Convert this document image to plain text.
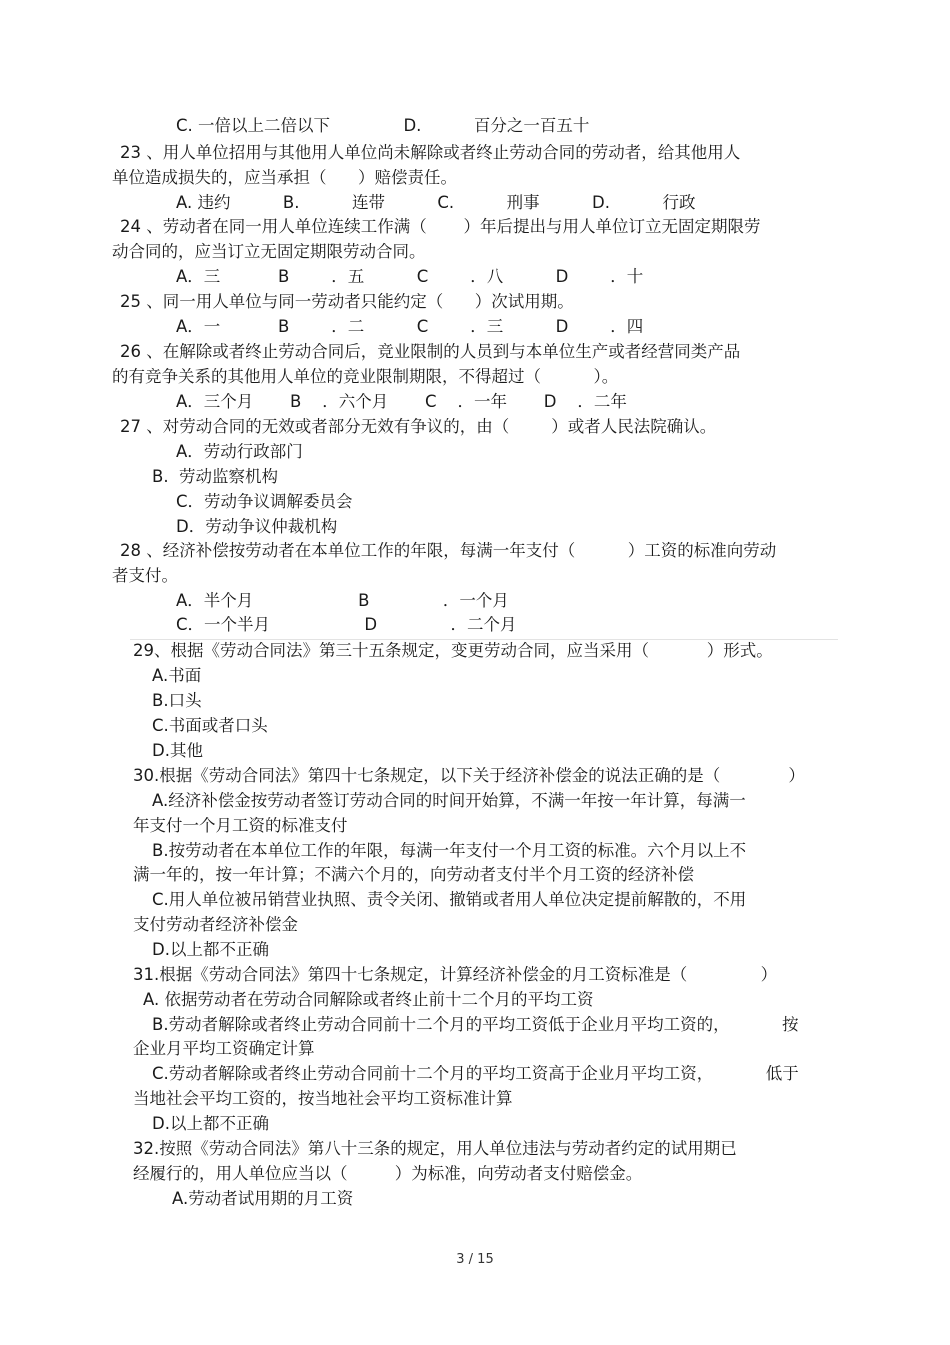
C. 一倍以上二倍以下              D.          百分之一百五十
23 、用人单位招用与其他用人单位尚未解除或者终止劳动合同的劳动者，给其他用人
单位造成损失的，应当承担（      ）赔偿责任。
A. 违约          B.          连带          C.          刑事          D.          行政
24 、劳动者在同一用人单位连续工作满（       ）年后提出与用人单位订立无固定期限劳
动合同的，应当订立无固定期限劳动合同。
A．三           B        ．五          C        ．八          D        ．十
25 、同一用人单位与同一劳动者只能约定（      ）次试用期。
A．一           B        ．二          C        ．三          D        ．四
26 、在解除或者终止劳动合同后，竞业限制的人员到与本单位生产或者经营同类产品
的有竞争关系的其他用人单位的竞业限制期限，不得超过（          ）。
A．三个月       B    ．六个月       C    ．一年       D    ．二年
27 、对劳动合同的无效或者部分无效有争议的，由（        ）或者人民法院确认。
A．劳动行政部门
B.  劳动监察机构
C．劳动争议调解委员会
D．劳动争议仲裁机构
28 、经济补偿按劳动者在本单位工作的年限，每满一年支付（          ）工资的标准向劳动
者支付。
A．半个月                    B              ．一个月
C．一个半月                  D              ．二个月
29、根据《劳动合同法》第三十五条规定，变更劳动合同，应当采用（           ）形式。
A.书面
B.口头
C.书面或者口头
D.其他
30.根据《劳动合同法》第四十七条规定，以下关于经济补偿金的说法正确的是（             ）
A.经济补偿金按劳动者签订劳动合同的时间开始算，不满一年按一年计算，每满一
年支付一个月工资的标准支付
B.按劳动者在本单位工作的年限，每满一年支付一个月工资的标准。六个月以上不
满一年的，按一年计算；不满六个月的，向劳动者支付半个月工资的经济补偿
C.用人单位被吊销营业执照、责令关闭、撤销或者用人单位决定提前解散的，不用
支付劳动者经济补偿金
D.以上都不正确
31.根据《劳动合同法》第四十七条规定，计算经济补偿金的月工资标准是（              ）
A. 依据劳动者在劳动合同解除或者终止前十二个月的平均工资
B.劳动者解除或者终止劳动合同前十二个月的平均工资低于企业月平均工资的，          按
企业月平均工资确定计算
C.劳动者解除或者终止劳动合同前十二个月的平均工资高于企业月平均工资，          低于
当地社会平均工资的，按当地社会平均工资标准计算
D.以上都不正确
32.按照《劳动合同法》第八十三条的规定，用人单位违法与劳动者约定的试用期已
经履行的，用人单位应当以（         ）为标准，向劳动者支付赔偿金。
A.劳动者试用期的月工资
3 / 15
